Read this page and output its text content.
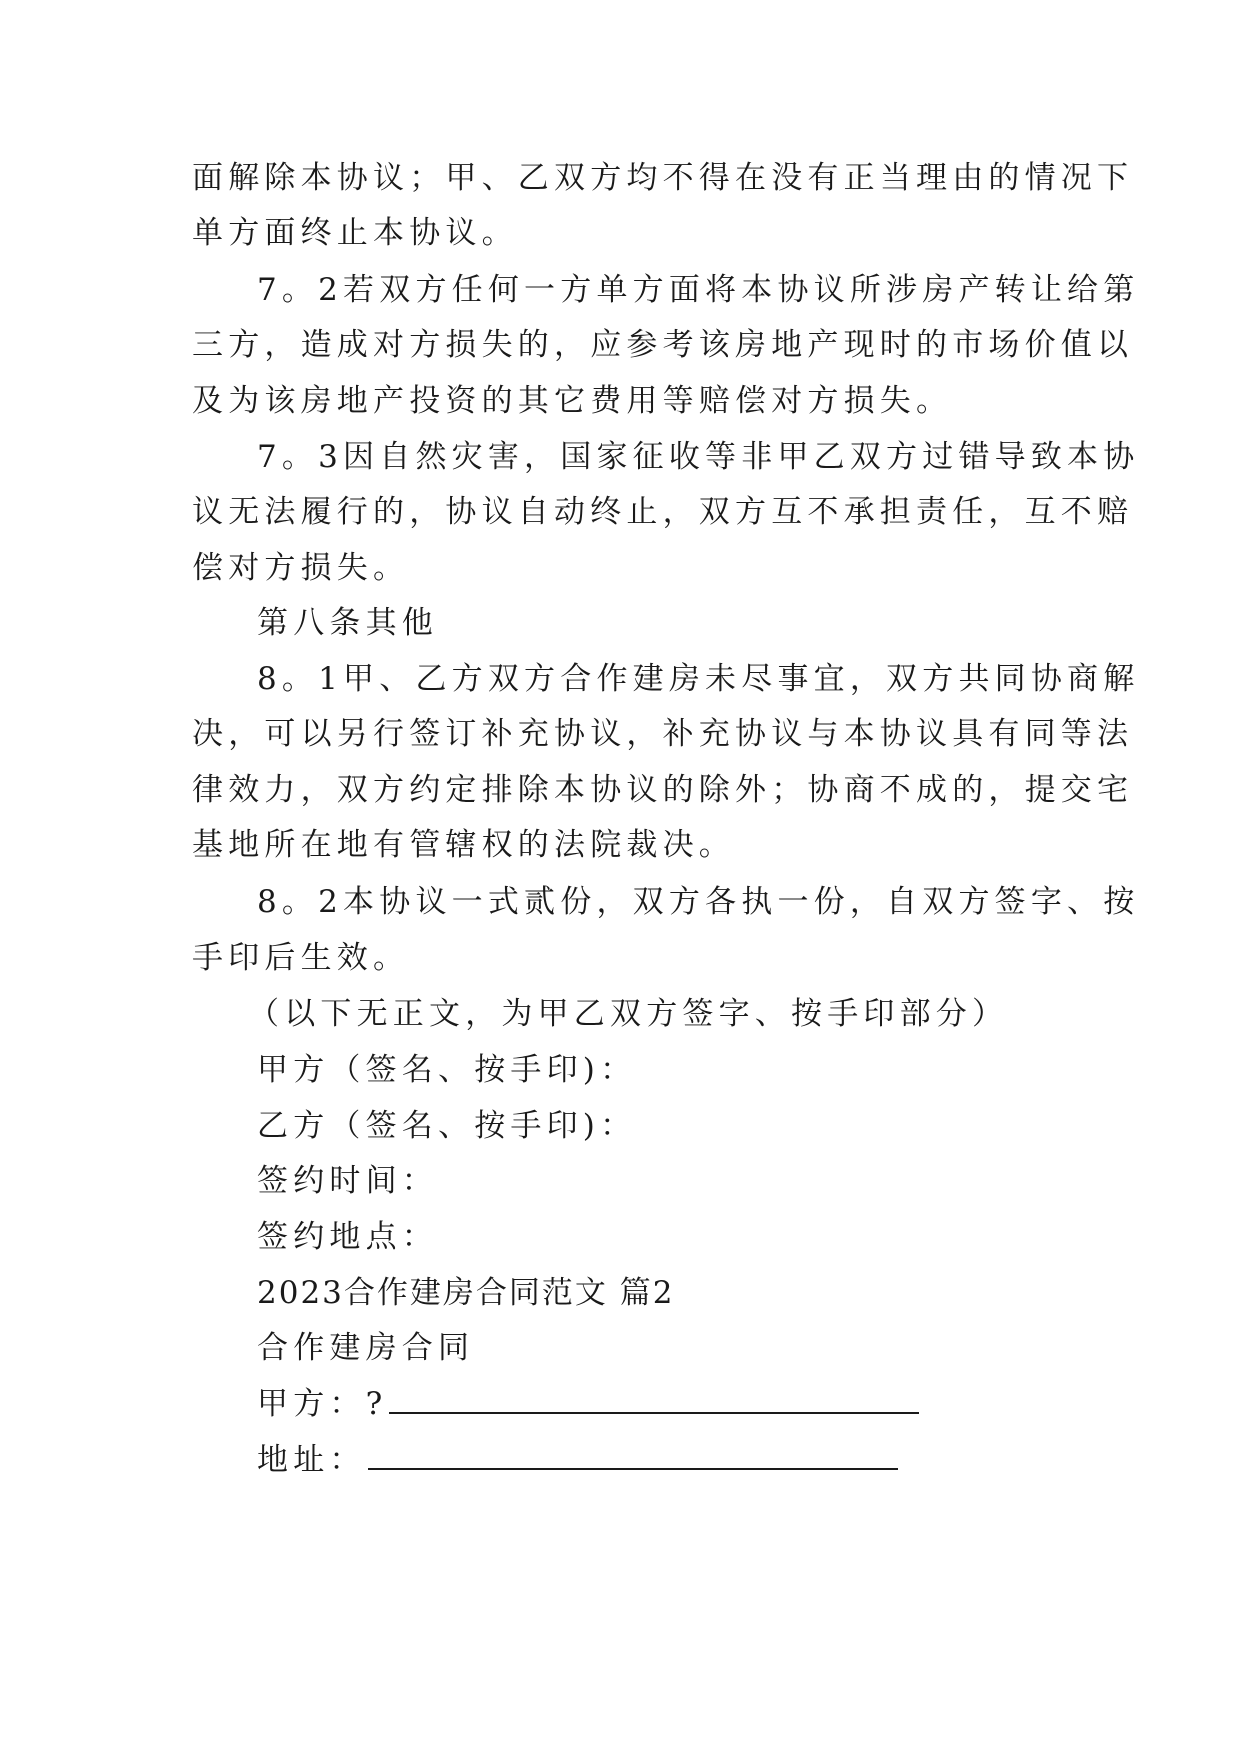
面解除本协议；甲、乙双方均不得在没有正当理由的情况下
单方面终止本协议。
7。2若双方任何一方单方面将本协议所涉房产转让给第
三方，造成对方损失的，应参考该房地产现时的市场价值以
及为该房地产投资的其它费用等赔偿对方损失。
7。3因自然灾害，国家征收等非甲乙双方过错导致本协
议无法履行的，协议自动终止，双方互不承担责任，互不赔
偿对方损失。
第八条其他
8。1甲、乙方双方合作建房未尽事宜，双方共同协商解
决，可以另行签订补充协议，补充协议与本协议具有同等法
律效力，双方约定排除本协议的除外；协商不成的，提交宅
基地所在地有管辖权的法院裁决。
8。2本协议一式贰份，双方各执一份，自双方签字、按
手印后生效。
（以下无正文，为甲乙双方签字、按手印部分）
甲方（签名、按手印)：
乙方（签名、按手印)：
签约时间：
签约地点：
2023合作建房合同范文 篇2
合作建房合同
甲方：?
地址：
